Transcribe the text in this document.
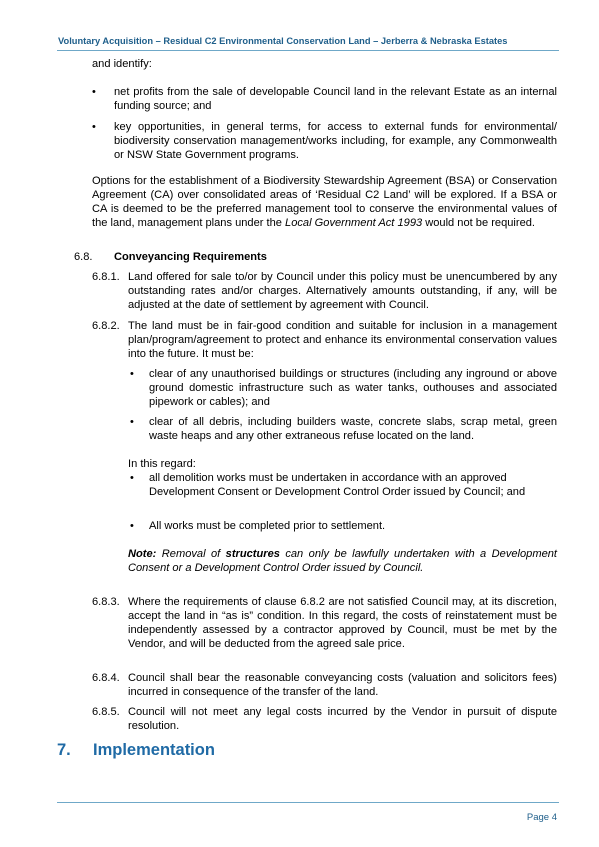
Voluntary Acquisition – Residual C2 Environmental Conservation Land – Jerberra & Nebraska Estates

and identify:

• net profits from the sale of developable Council land in the relevant Estate as an internal funding source; and

• key opportunities, in general terms, for access to external funds for environmental/ biodiversity conservation management/works including, for example, any Commonwealth or NSW State Government programs.

Options for the establishment of a Biodiversity Stewardship Agreement (BSA) or Conservation Agreement (CA) over consolidated areas of ‘Residual C2 Land’ will be explored. If a BSA or CA is deemed to be the preferred management tool to conserve the environmental values of the land, management plans under the Local Government Act 1993 would not be required.

6.8. Conveyancing Requirements
6.8.1. Land offered for sale to/or by Council under this policy must be unencumbered by any outstanding rates and/or charges. Alternatively amounts outstanding, if any, will be adjusted at the date of settlement by agreement with Council.

6.8.2. The land must be in fair-good condition and suitable for inclusion in a management plan/program/agreement to protect and enhance its environmental conservation values into the future. It must be:

• clear of any unauthorised buildings or structures (including any inground or above ground domestic infrastructure such as water tanks, outhouses and associated pipework or cables); and

• clear of all debris, including builders waste, concrete slabs, scrap metal, green waste heaps and any other extraneous refuse located on the land.

In this regard:

• all demolition works must be undertaken in accordance with an approved Development Consent or Development Control Order issued by Council; and

• All works must be completed prior to settlement.

Note: Removal of structures can only be lawfully undertaken with a Development Consent or a Development Control Order issued by Council.

6.8.3. Where the requirements of clause 6.8.2 are not satisfied Council may, at its discretion, accept the land in “as is” condition. In this regard, the costs of reinstatement must be independently assessed by a contractor approved by Council, must be met by the Vendor, and will be deducted from the agreed sale price.

6.8.4. Council shall bear the reasonable conveyancing costs (valuation and solicitors fees) incurred in consequence of the transfer of the land.

6.8.5. Council will not meet any legal costs incurred by the Vendor in pursuit of dispute resolution.

7. Implementation
Page 4
